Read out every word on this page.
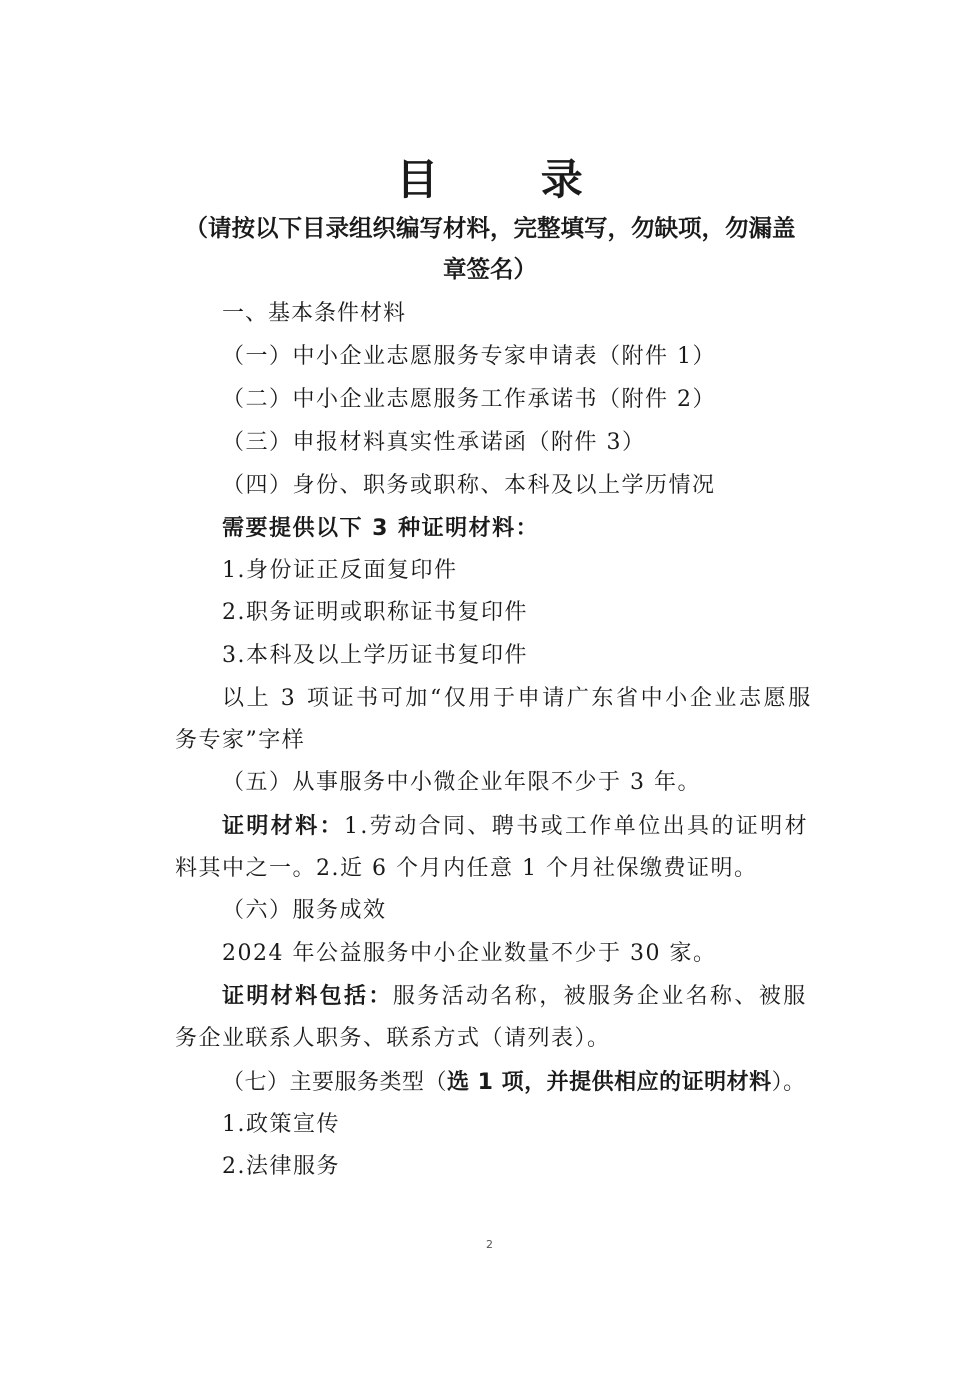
目 录
（请按以下目录组织编写材料，完整填写，勿缺项，勿漏盖章签名）
一、基本条件材料
（一）中小企业志愿服务专家申请表（附件 1）
（二）中小企业志愿服务工作承诺书（附件 2）
（三）申报材料真实性承诺函（附件 3）
（四）身份、职务或职称、本科及以上学历情况
需要提供以下 3 种证明材料：
1.身份证正反面复印件
2.职务证明或职称证书复印件
3.本科及以上学历证书复印件
以上 3 项证书可加“仅用于申请广东省中小企业志愿服
务专家”字样
（五）从事服务中小微企业年限不少于 3 年。
证明材料：1.劳动合同、聘书或工作单位出具的证明材
料其中之一。2.近 6 个月内任意 1 个月社保缴费证明。
（六）服务成效
2024 年公益服务中小企业数量不少于 30 家。
证明材料包括：服务活动名称，被服务企业名称、被服
务企业联系人职务、联系方式（请列表）。
（七）主要服务类型（选 1 项，并提供相应的证明材料）。
1.政策宣传
2.法律服务
2
